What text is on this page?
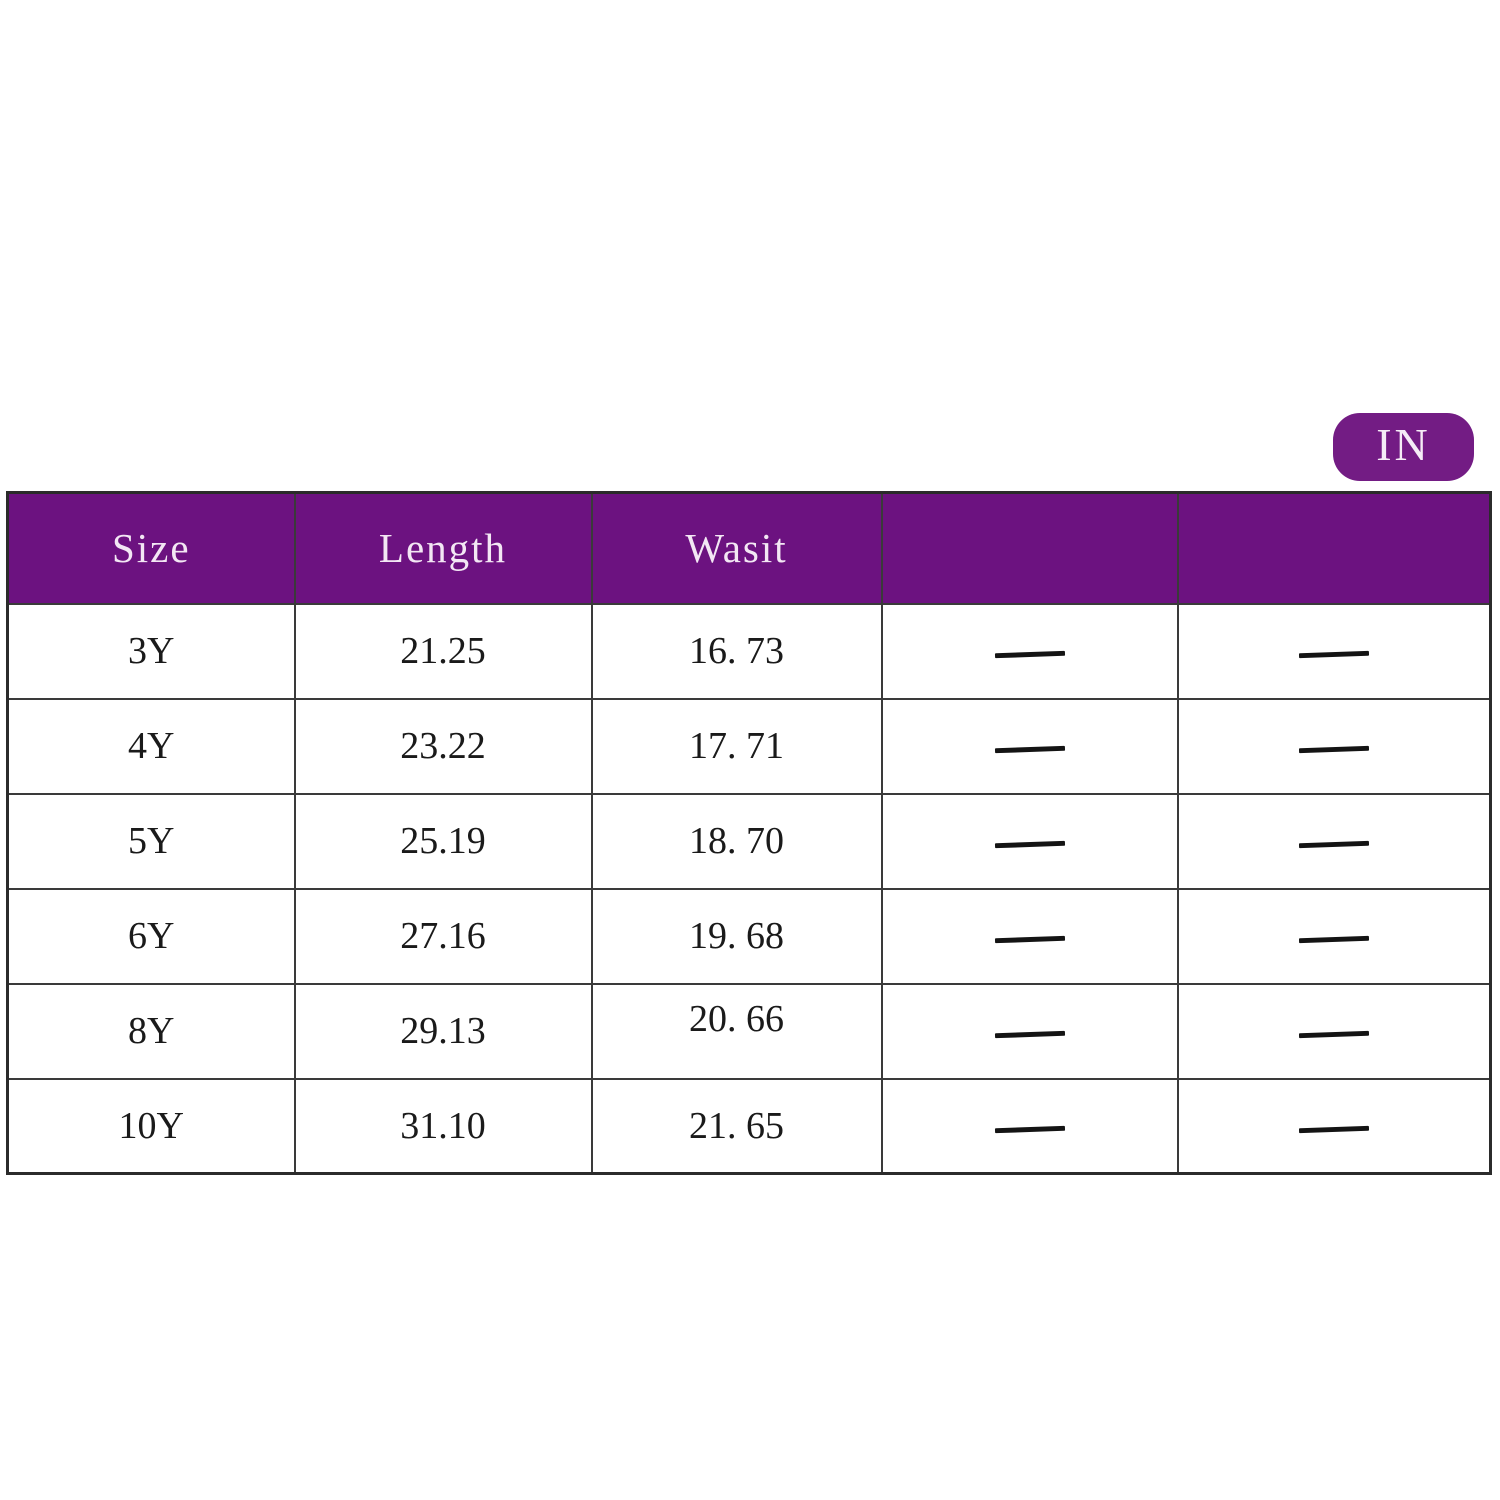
IN
Size	Length	Wasit		
3Y	21.25	16. 73		
4Y	23.22	17. 71		
5Y	25.19	18. 70		
6Y	27.16	19. 68		
8Y	29.13	20. 66		
10Y	31.10	21. 65		
